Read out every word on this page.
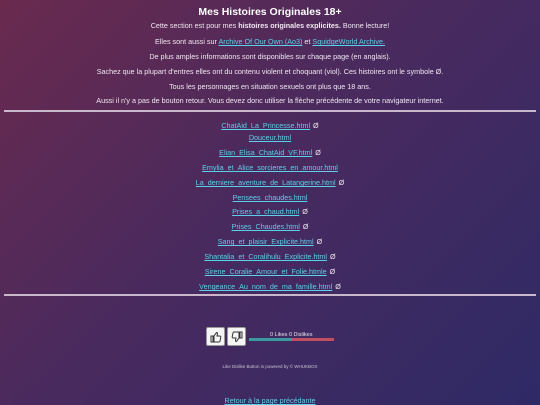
Mes Histoires Originales 18+

Cette section est pour mes histoires originales explicites. Bonne lecture!

Elles sont aussi sur Archive Of Our Own (Ao3) et SquidgeWorld Archive.

De plus amples informations sont disponibles sur chaque page (en anglais).

Sachez que la plupart d'entres elles ont du contenu violent et choquant (viol). Ces histoires ont le symbole Ø.

Tous les personnages en situation sexuels ont plus que 18 ans.

Aussi il n'y a pas de bouton retour. Vous devez donc utiliser la flèche précédente de votre navigateur internet.

ChatAid_La_Princesse.html Ø
Douceur.html
Elian_Elisa_ChatAid_VF.html Ø
Emylia_et_Alice_sorcieres_en_amour.html
La_derniere_aventure_de_Latangerine.html Ø
Pensees_chaudes.html
Prises_a_chaud.html Ø
Prises_Chaudes.html Ø
Sang_et_plaisir_Explicite.html Ø
Shantalia_et_Coralihulu_Explicite.html Ø
Sirene_Coralie_Amour_et_Folie.htmle Ø
Vengeance_Au_nom_de_ma_famille.html Ø
0 Likes 0 Dislikes
Like Dislike Button is powered by © WHUKBOX
Retour à la page précédante
